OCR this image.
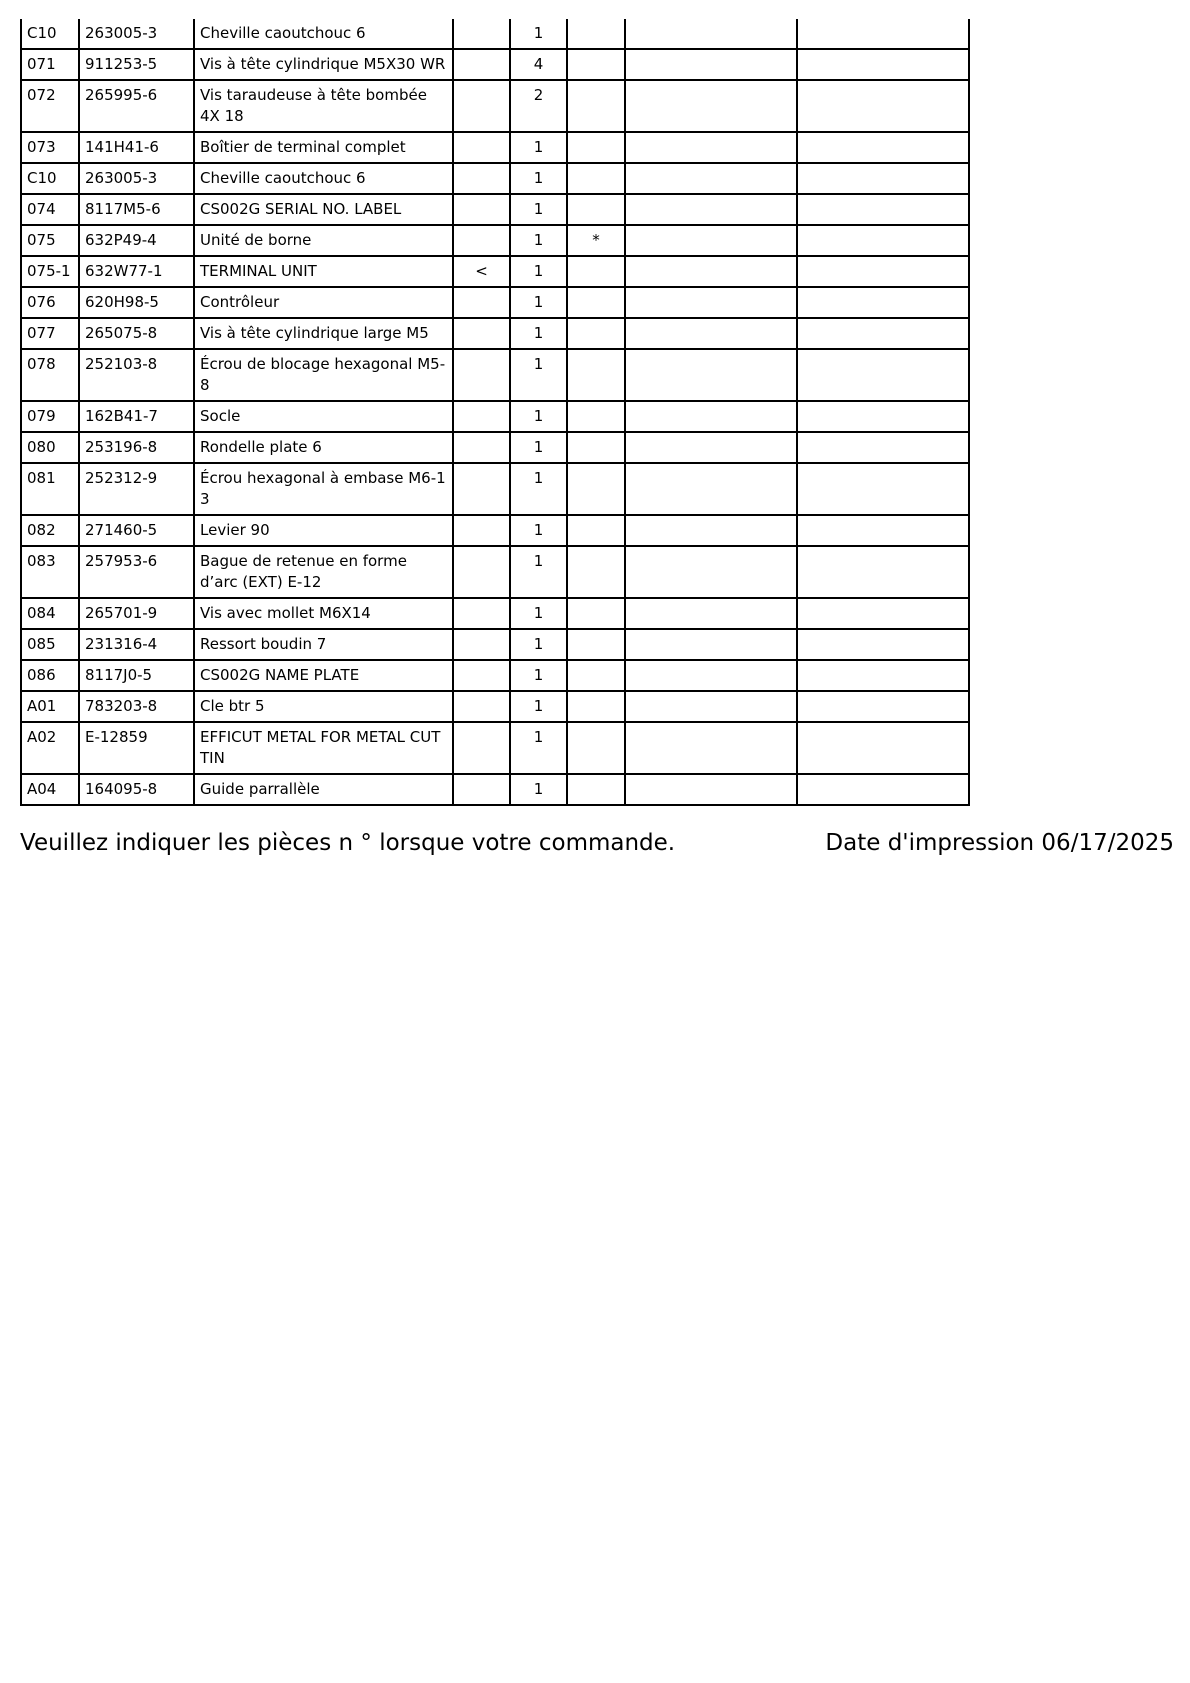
C10	263005-3	Cheville caoutchouc 6		1			
071	911253-5	Vis à tête cylindrique M5X30 WR		4			
072	265995-6	Vis taraudeuse à tête bombée 4X 18		2			
073	141H41-6	Boîtier de terminal complet		1			
C10	263005-3	Cheville caoutchouc 6		1			
074	8117M5-6	CS002G SERIAL NO. LABEL		1			
075	632P49-4	Unité de borne		1	*		
075-1	632W77-1	TERMINAL UNIT	<	1			
076	620H98-5	Contrôleur		1			
077	265075-8	Vis à tête cylindrique large M5		1			
078	252103-8	Écrou de blocage hexagonal M5-8		1			
079	162B41-7	Socle		1			
080	253196-8	Rondelle plate 6		1			
081	252312-9	Écrou hexagonal à embase M6-1 3		1			
082	271460-5	Levier 90		1			
083	257953-6	Bague de retenue en forme d’arc (EXT) E-12		1			
084	265701-9	Vis avec mollet M6X14		1			
085	231316-4	Ressort boudin 7		1			
086	8117J0-5	CS002G NAME PLATE		1			
A01	783203-8	Cle btr 5		1			
A02	E-12859	EFFICUT METAL FOR METAL CUT TIN		1			
A04	164095-8	Guide parrallèle		1			
Veuillez indiquer les pièces n ° lorsque votre commande.	Date d'impression 06/17/2025
